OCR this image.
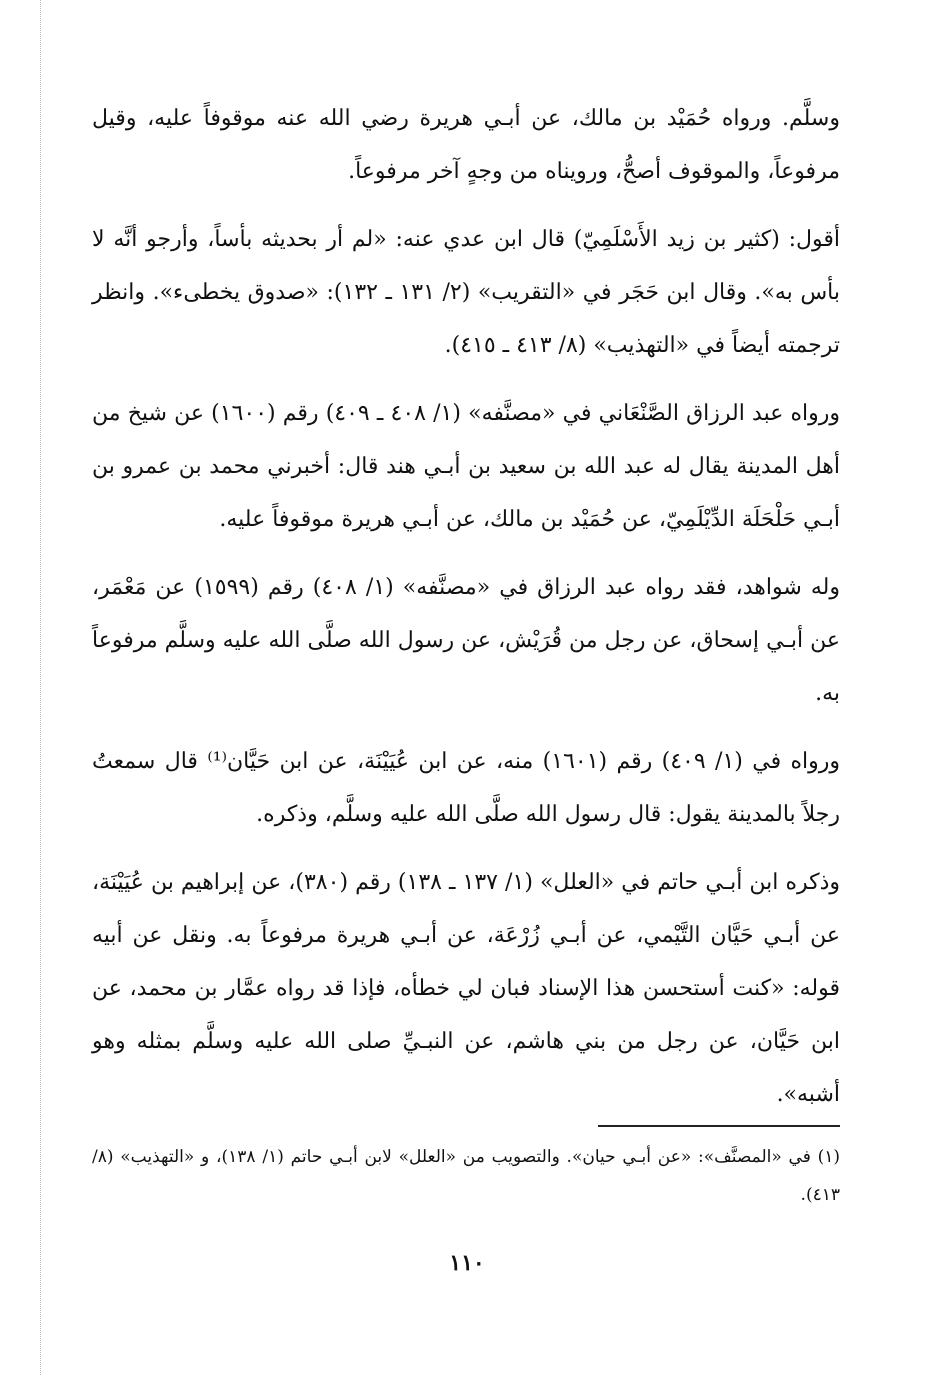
وسلَّم. ورواه حُمَيْد بن مالك، عن أبـي هريرة رضي الله عنه موقوفاً عليه، وقيل مرفوعاً، والموقوف أصحُّ، ورويناه من وجهٍ آخر مرفوعاً.

أقول: (كثير بن زيد الأَسْلَمِيّ) قال ابن عدي عنه: «لم أر بحديثه بأساً، وأرجو أنَّه لا بأس به». وقال ابن حَجَر في «التقريب» (٢/ ١٣١ ـ ١٣٢): «صدوق يخطىء». وانظر ترجمته أيضاً في «التهذيب» (٨/ ٤١٣ ـ ٤١٥).

ورواه عبد الرزاق الصَّنْعَاني في «مصنَّفه» (١/ ٤٠٨ ـ ٤٠٩) رقم (١٦٠٠) عن شيخ من أهل المدينة يقال له عبد الله بن سعيد بن أبـي هند قال: أخبرني محمد بن عمرو بن أبـي حَلْحَلَة الدِّيْلَمِيّ، عن حُمَيْد بن مالك، عن أبـي هريرة موقوفاً عليه.

وله شواهد، فقد رواه عبد الرزاق في «مصنَّفه» (١/ ٤٠٨) رقم (١٥٩٩) عن مَعْمَر، عن أبـي إسحاق، عن رجل من قُرَيْش، عن رسول الله صلَّى الله عليه وسلَّم مرفوعاً به.

ورواه في (١/ ٤٠٩) رقم (١٦٠١) منه، عن ابن عُيَيْنَة، عن ابن حَيَّان⁽¹⁾ قال سمعتُ رجلاً بالمدينة يقول: قال رسول الله صلَّى الله عليه وسلَّم، وذكره.

وذكره ابن أبـي حاتم في «العلل» (١/ ١٣٧ ـ ١٣٨) رقم (٣٨٠)، عن إبراهيم بن عُيَيْنَة، عن أبـي حَيَّان التَّيْمي، عن أبـي زُرْعَة، عن أبـي هريرة مرفوعاً به. ونقل عن أبيه قوله: «كنت أستحسن هذا الإسناد فبان لي خطأه، فإذا قد رواه عمَّار بن محمد، عن ابن حَيَّان، عن رجل من بني هاشم، عن النبـيِّ صلى الله عليه وسلَّم بمثله وهو أشبه».

(١) في «المصنَّف»: «عن أبـي حيان». والتصويب من «العلل» لابن أبـي حاتم (١/ ١٣٨)، و «التهذيب» (٨/ ٤١٣).

١١٠
